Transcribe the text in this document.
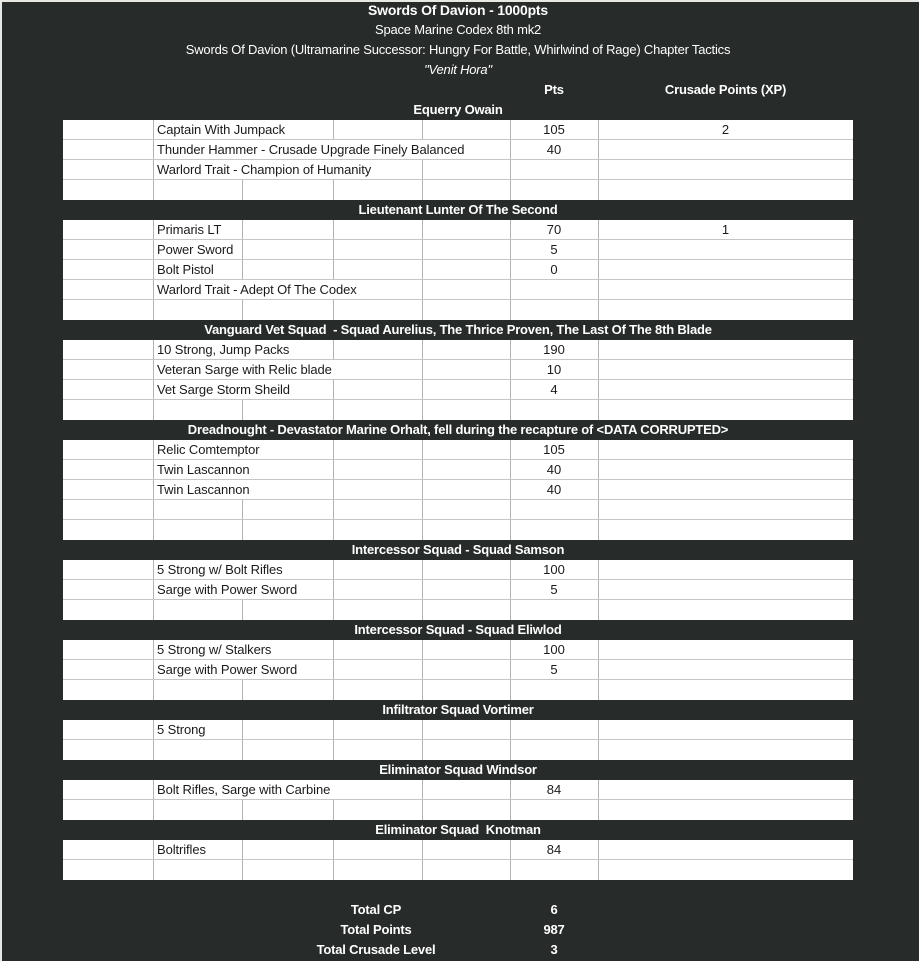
Swords Of Davion - 1000pts
Space Marine Codex 8th mk2
Swords Of Davion (Ultramarine Successor: Hungry For Battle, Whirlwind of Rage) Chapter Tactics
"Venit Hora"
Pts	Crusade Points (XP)
Equerry Owain
Captain With Jumpack	105	2
Thunder Hammer - Crusade Upgrade Finely Balanced	40
Warlord Trait - Champion of Humanity
Lieutenant Lunter Of The Second
Primaris LT	70	1
Power Sword	5
Bolt Pistol	0
Warlord Trait - Adept Of The Codex
Vanguard Vet Squad  - Squad Aurelius, The Thrice Proven, The Last Of The 8th Blade
10 Strong, Jump Packs	190
Veteran Sarge with Relic blade	10
Vet Sarge Storm Sheild	4
Dreadnought - Devastator Marine Orhalt, fell during the recapture of <DATA CORRUPTED>
Relic Comtemptor	105
Twin Lascannon	40
Twin Lascannon	40
Intercessor Squad - Squad Samson
5 Strong w/ Bolt Rifles	100
Sarge with Power Sword	5
Intercessor Squad - Squad Eliwlod
5 Strong w/ Stalkers	100
Sarge with Power Sword	5
Infiltrator Squad Vortimer
5 Strong
Eliminator Squad Windsor
Bolt Rifles, Sarge with Carbine	84
Eliminator Squad  Knotman
Boltrifles	84
Total CP	6
Total Points	987
Total Crusade Level	3
